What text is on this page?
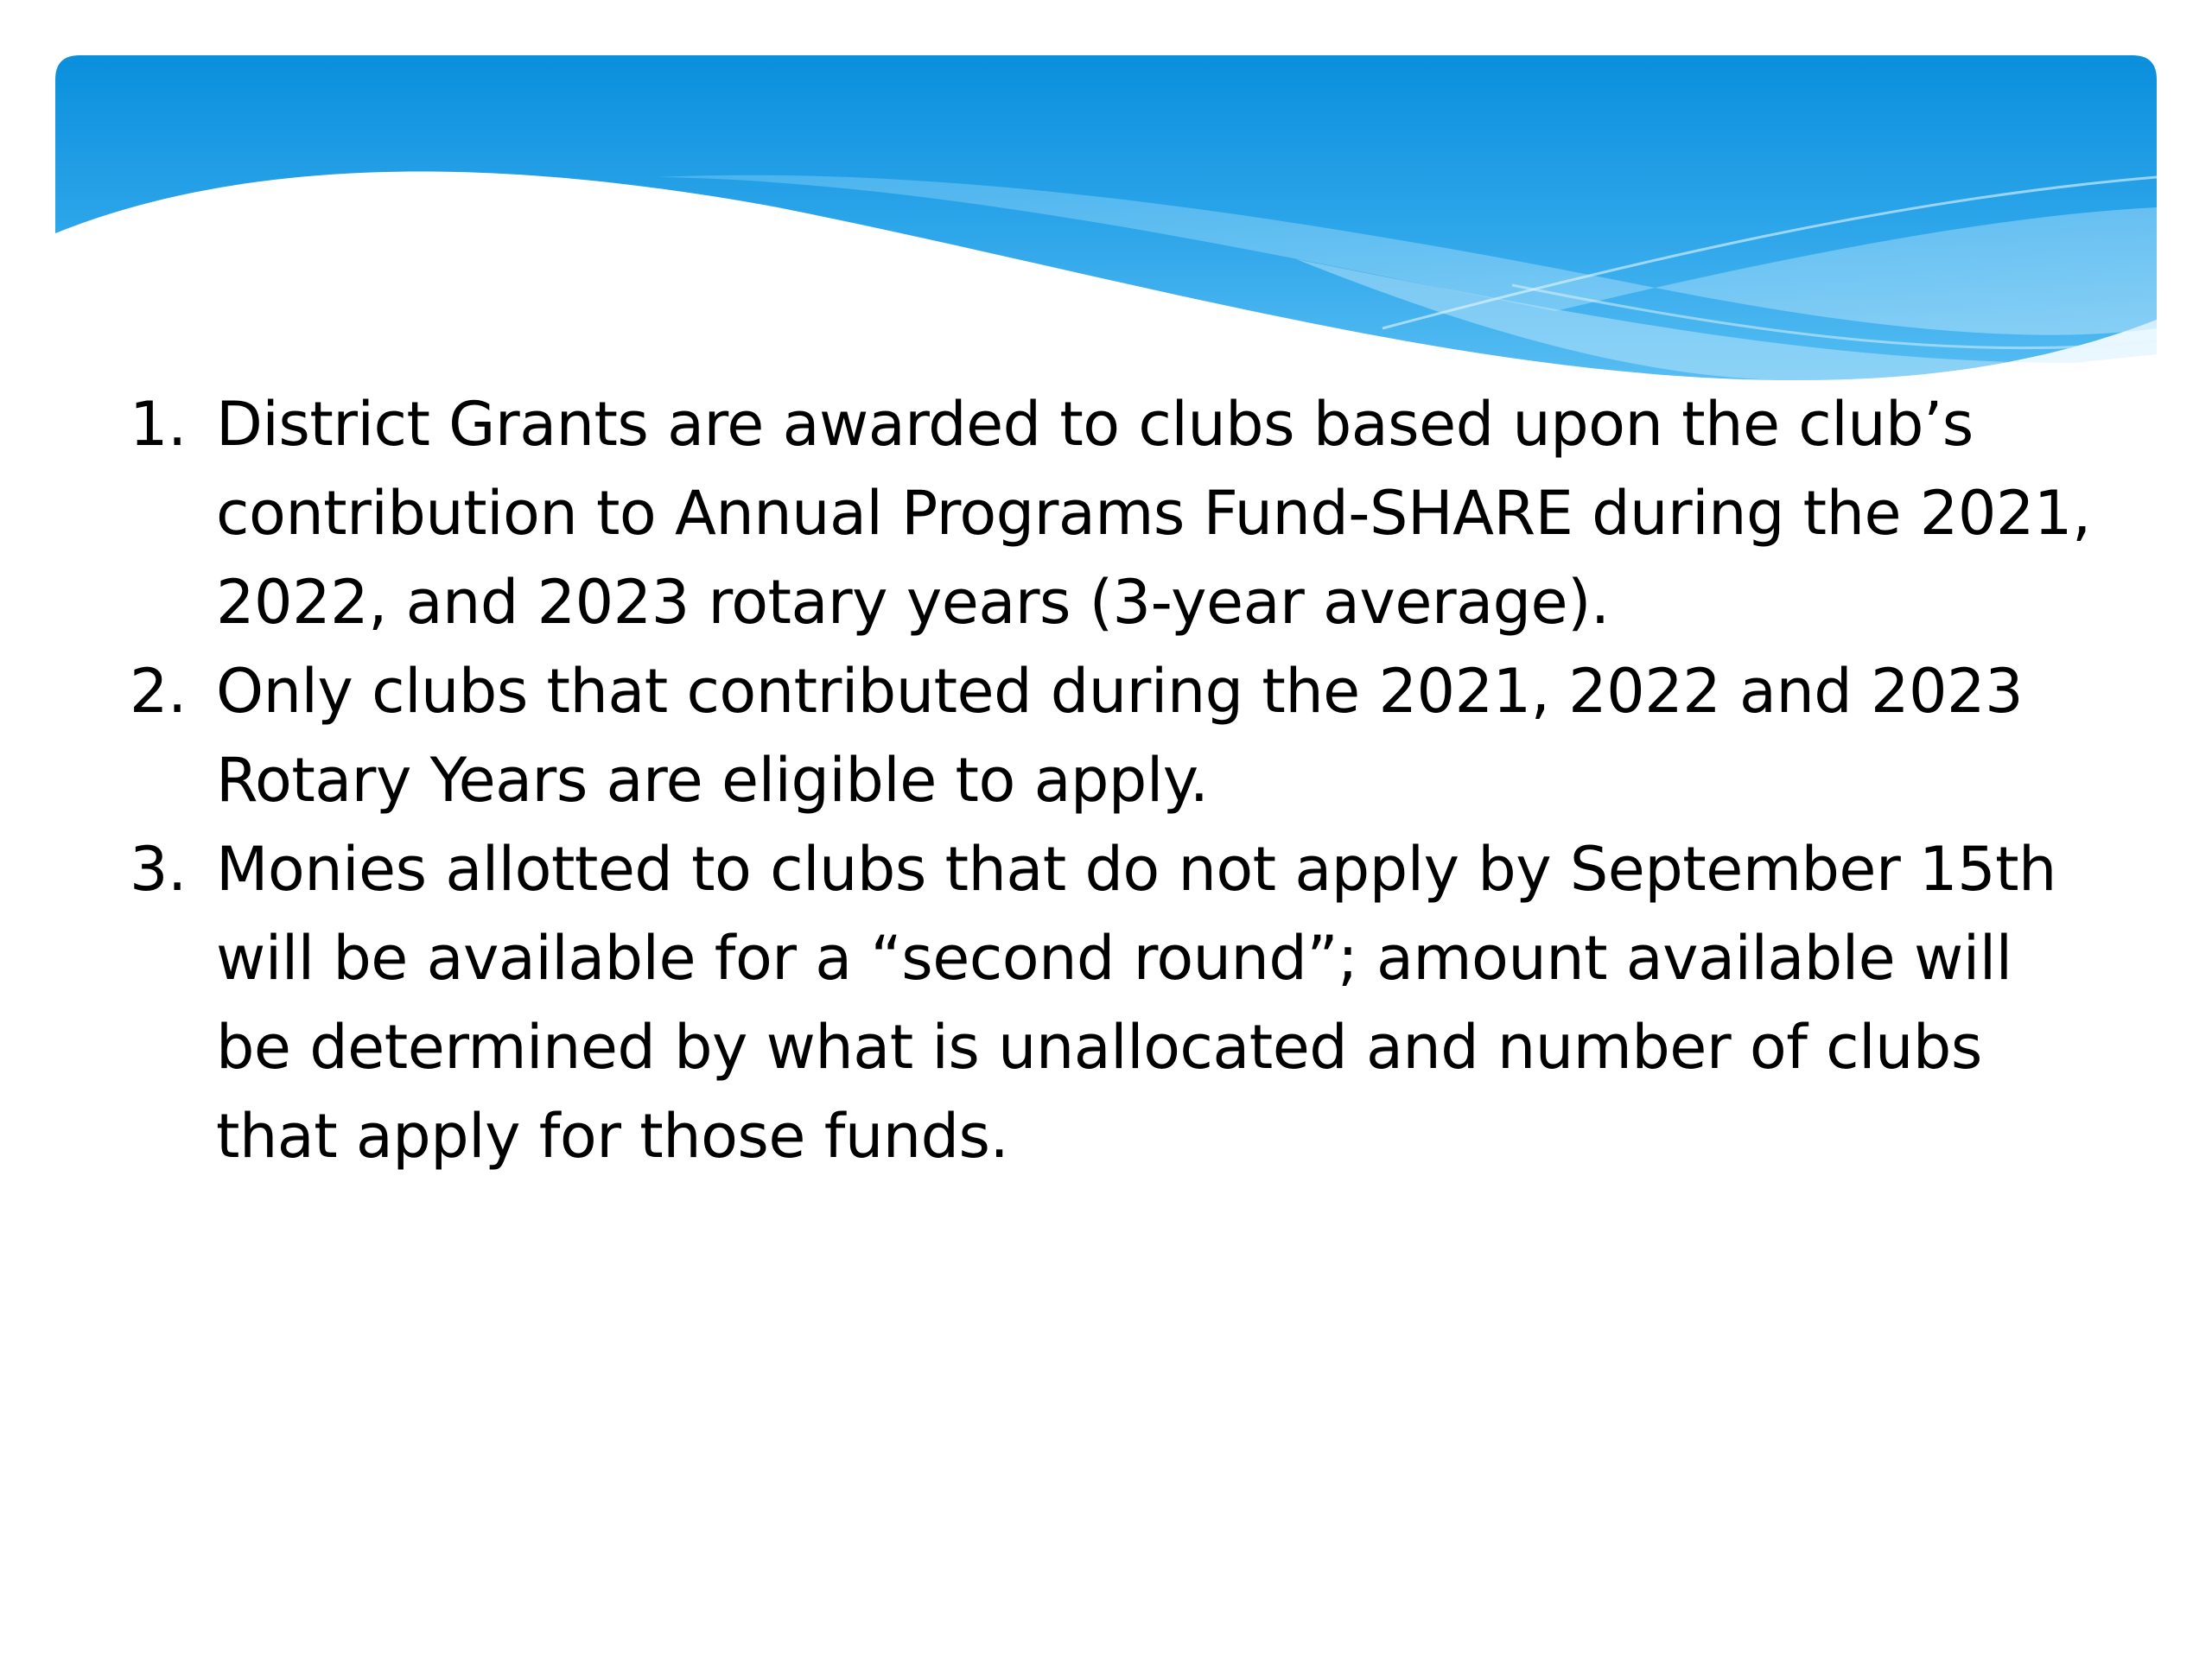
1. District Grants are awarded to clubs based upon the club’s contribution to Annual Programs Fund-SHARE during the 2021, 2022, and 2023 rotary years (3-year average).
2. Only clubs that contributed during the 2021, 2022 and 2023 Rotary Years are eligible to apply.
3. Monies allotted to clubs that do not apply by September 15th will be available for a “second round”; amount available will be determined by what is unallocated and number of clubs that apply for those funds.
